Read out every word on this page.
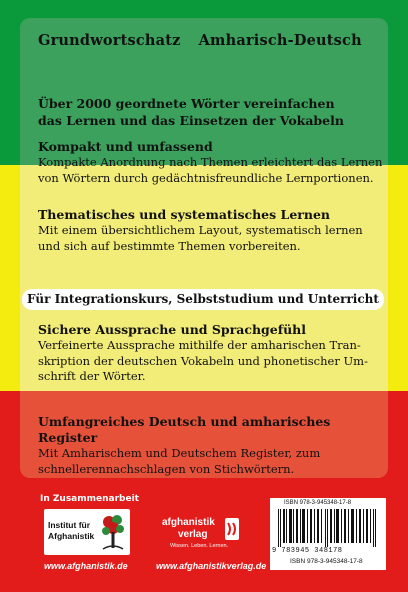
Grundwortschatz Amharisch-Deutsch
Über 2000 geordnete Wörter vereinfachen
das Lernen und das Einsetzen der Vokabeln
Kompakt und umfassend
Kompakte Anordnung nach Themen erleichtert das Lernen
von Wörtern durch gedächtnisfreundliche Lernportionen.
Thematisches und systematisches Lernen
Mit einem übersichtlichem Layout, systematisch lernen
und sich auf bestimmte Themen vorbereiten.
Für Integrationskurs, Selbststudium und Unterricht
Sichere Aussprache und Sprachgefühl
Verfeinerte Aussprache mithilfe der amharischen Tran-
skription der deutschen Vokabeln und phonetischer Um-
schrift der Wörter.
Umfangreiches Deutsch und amharisches Register
Mit Amharischem und Deutschem Register, zum
schnellerennachschlagen von Stichwörtern.
In Zusammenarbeit
Institut für
Afghanistik
afghanistik
verlag
Wissen. Leben. Lernen.
www.afghanistik.de	www.afghanistikverlag.de
ISBN 978-3-945348-17-8
9 783945 348178
ISBN 978-3-945348-17-8
